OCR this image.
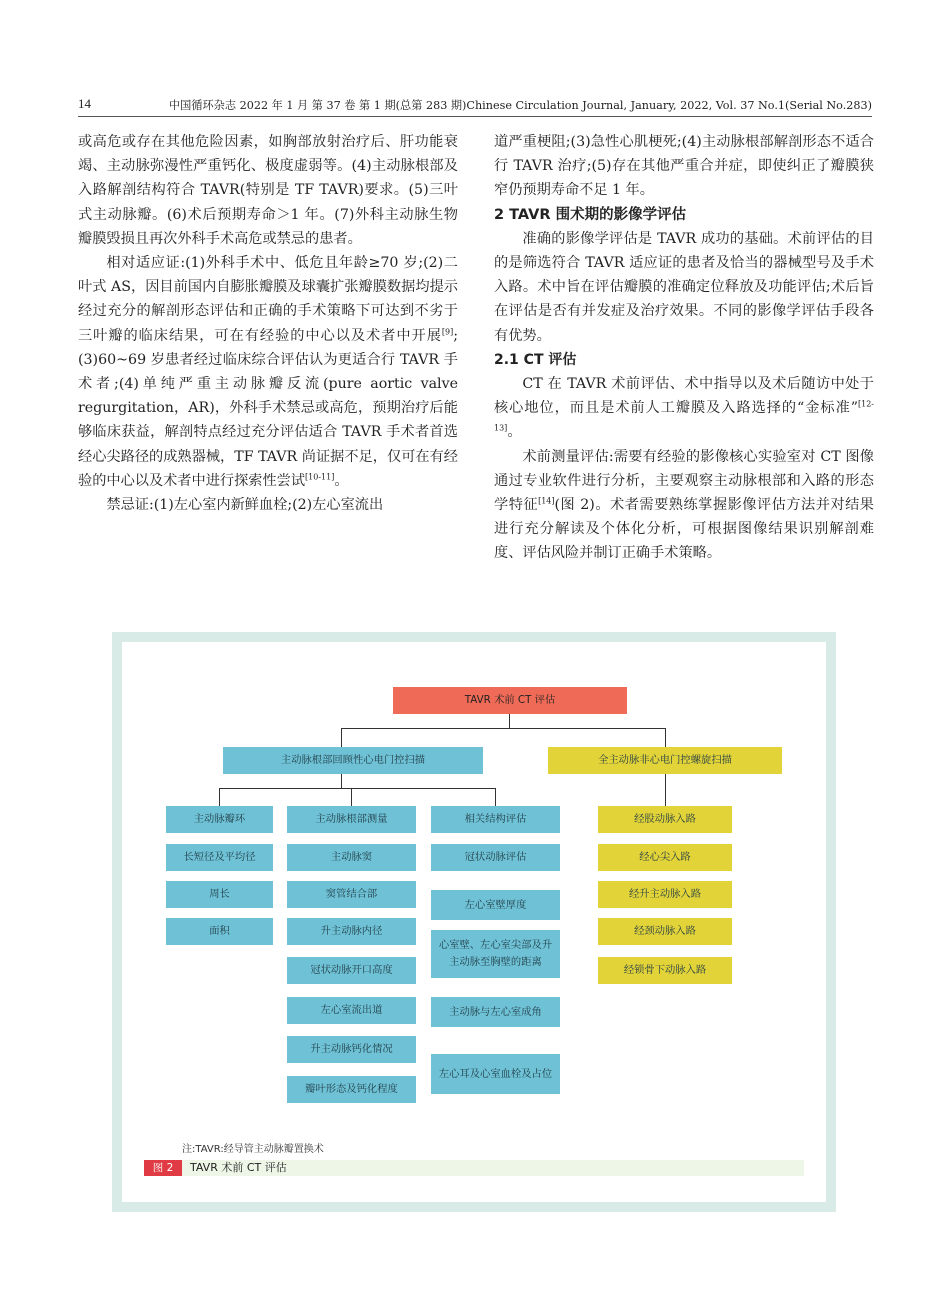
14	中国循环杂志 2022 年 1 月 第 37 卷 第 1 期(总第 283 期)Chinese Circulation Journal, January, 2022, Vol. 37 No.1(Serial No.283)

或高危或存在其他危险因素，如胸部放射治疗后、肝功能衰竭、主动脉弥漫性严重钙化、极度虚弱等。(4)主动脉根部及入路解剖结构符合 TAVR(特别是 TF TAVR)要求。(5)三叶式主动脉瓣。(6)术后预期寿命＞1 年。(7)外科主动脉生物瓣膜毁损且再次外科手术高危或禁忌的患者。

相对适应证:(1)外科手术中、低危且年龄≥70 岁;(2)二叶式 AS，因目前国内自膨胀瓣膜及球囊扩张瓣膜数据均提示经过充分的解剖形态评估和正确的手术策略下可达到不劣于三叶瓣的临床结果，可在有经验的中心以及术者中开展[9];(3)60~69 岁患者经过临床综合评估认为更适合行 TAVR 手术者;(4)单纯严重主动脉瓣反流(pure aortic valve regurgitation，AR)，外科手术禁忌或高危，预期治疗后能够临床获益，解剖特点经过充分评估适合 TAVR 手术者首选经心尖路径的成熟器械，TF TAVR 尚证据不足，仅可在有经验的中心以及术者中进行探索性尝试[10-11]。

禁忌证:(1)左心室内新鲜血栓;(2)左心室流出

道严重梗阻;(3)急性心肌梗死;(4)主动脉根部解剖形态不适合行 TAVR 治疗;(5)存在其他严重合并症，即使纠正了瓣膜狭窄仍预期寿命不足 1 年。

2 TAVR 围术期的影像学评估

准确的影像学评估是 TAVR 成功的基础。术前评估的目的是筛选符合 TAVR 适应证的患者及恰当的器械型号及手术入路。术中旨在评估瓣膜的准确定位释放及功能评估;术后旨在评估是否有并发症及治疗效果。不同的影像学评估手段各有优势。

2.1 CT 评估

CT 在 TAVR 术前评估、术中指导以及术后随访中处于核心地位，而且是术前人工瓣膜及入路选择的“金标准”[12-13]。

术前测量评估:需要有经验的影像核心实验室对 CT 图像通过专业软件进行分析，主要观察主动脉根部和入路的形态学特征[14](图 2)。术者需要熟练掌握影像评估方法并对结果进行充分解读及个体化分析，可根据图像结果识别解剖难度、评估风险并制订正确手术策略。

TAVR 术前 CT 评估
主动脉根部回顾性心电门控扫描	全主动脉非心电门控螺旋扫描
主动脉瓣环
长短径及平均径
周长
面积
主动脉根部测量
主动脉窦
窦管结合部
升主动脉内径
冠状动脉开口高度
左心室流出道
升主动脉钙化情况
瓣叶形态及钙化程度
相关结构评估
冠状动脉评估
左心室壁厚度
心室壁、左心室尖部及升主动脉至胸壁的距离
主动脉与左心室成角
左心耳及心室血栓及占位
经股动脉入路
经心尖入路
经升主动脉入路
经颈动脉入路
经锁骨下动脉入路
注:TAVR:经导管主动脉瓣置换术
图 2	TAVR 术前 CT 评估
